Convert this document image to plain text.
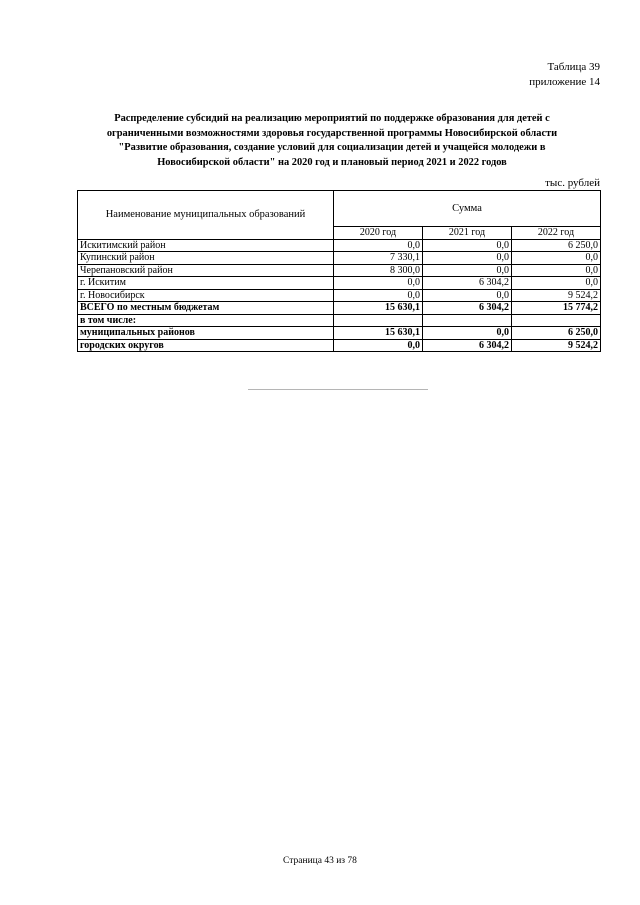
Таблица 39
приложение 14
Распределение субсидий на реализацию мероприятий по поддержке образования для детей с
ограниченными возможностями здоровья государственной программы Новосибирской области
"Развитие образования, создание условий для социализации детей и учащейся молодежи в
Новосибирской области" на 2020 год и плановый период 2021 и 2022 годов
тыс. рублей
Наименование муниципальных образований	Сумма		
	2020 год	2021 год	2022 год
Искитимский район	0,0	0,0	6 250,0
Купинский район	7 330,1	0,0	0,0
Черепановский район	8 300,0	0,0	0,0
г. Искитим	0,0	6 304,2	0,0
г. Новосибирск	0,0	0,0	9 524,2
ВСЕГО по местным бюджетам	15 630,1	6 304,2	15 774,2
в том числе:			
муниципальных районов	15 630,1	0,0	6 250,0
городских округов	0,0	6 304,2	9 524,2
Страница 43 из 78
